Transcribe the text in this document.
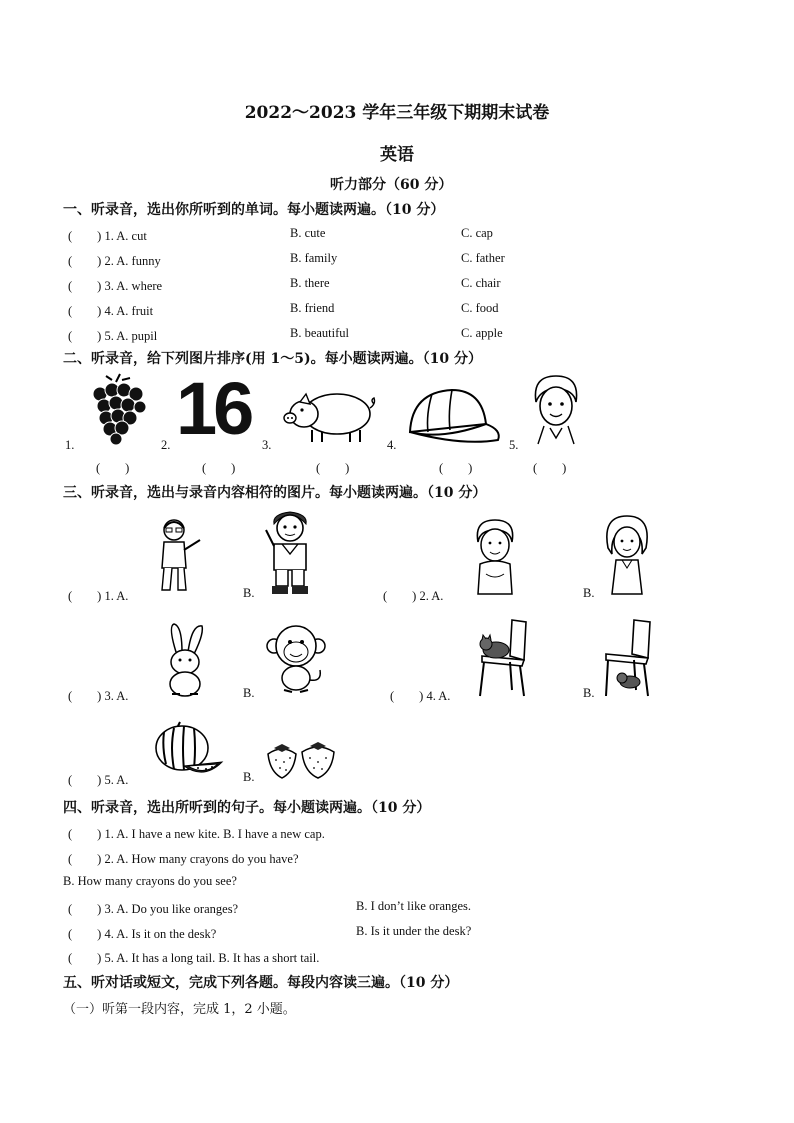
2022～2023 学年三年级下期期末试卷
英语
听力部分（60 分）
一、听录音，选出你所听到的单词。每小题读两遍。（10 分）
(　　) 1. A. cut	B. cute	C. cap
(　　) 2. A. funny	B. family	C. father
(　　) 3. A. where	B. there	C. chair
(　　) 4. A. fruit	B. friend	C. food
(　　) 5. A. pupil	B. beautiful	C. apple
二、听录音，给下列图片排序(用 1～5)。每小题读两遍。（10 分）
1.	2. 16 3.	4.	5.
(　　)	(　　)	(　　)	(　　)	(　　)
三、听录音，选出与录音内容相符的图片。每小题读两遍。（10 分）
(　　) 1. A.	B.	(　　) 2. A.	B.
(　　) 3. A.	B.	(　　) 4. A.	B.
(　　) 5. A.	B.
四、听录音，选出所听到的句子。每小题读两遍。（10 分）
(　　) 1. A. I have a new kite. B. I have a new cap.
(　　) 2. A. How many crayons do you have?
B. How many crayons do you see?
(　　) 3. A. Do you like oranges?	B. I don’t like oranges.
(　　) 4. A. Is it on the desk?	B. Is it under the desk?
(　　) 5. A. It has a long tail. B. It has a short tail.
五、听对话或短文，完成下列各题。每段内容读三遍。（10 分）
（一）听第一段内容，完成 1，2 小题。
